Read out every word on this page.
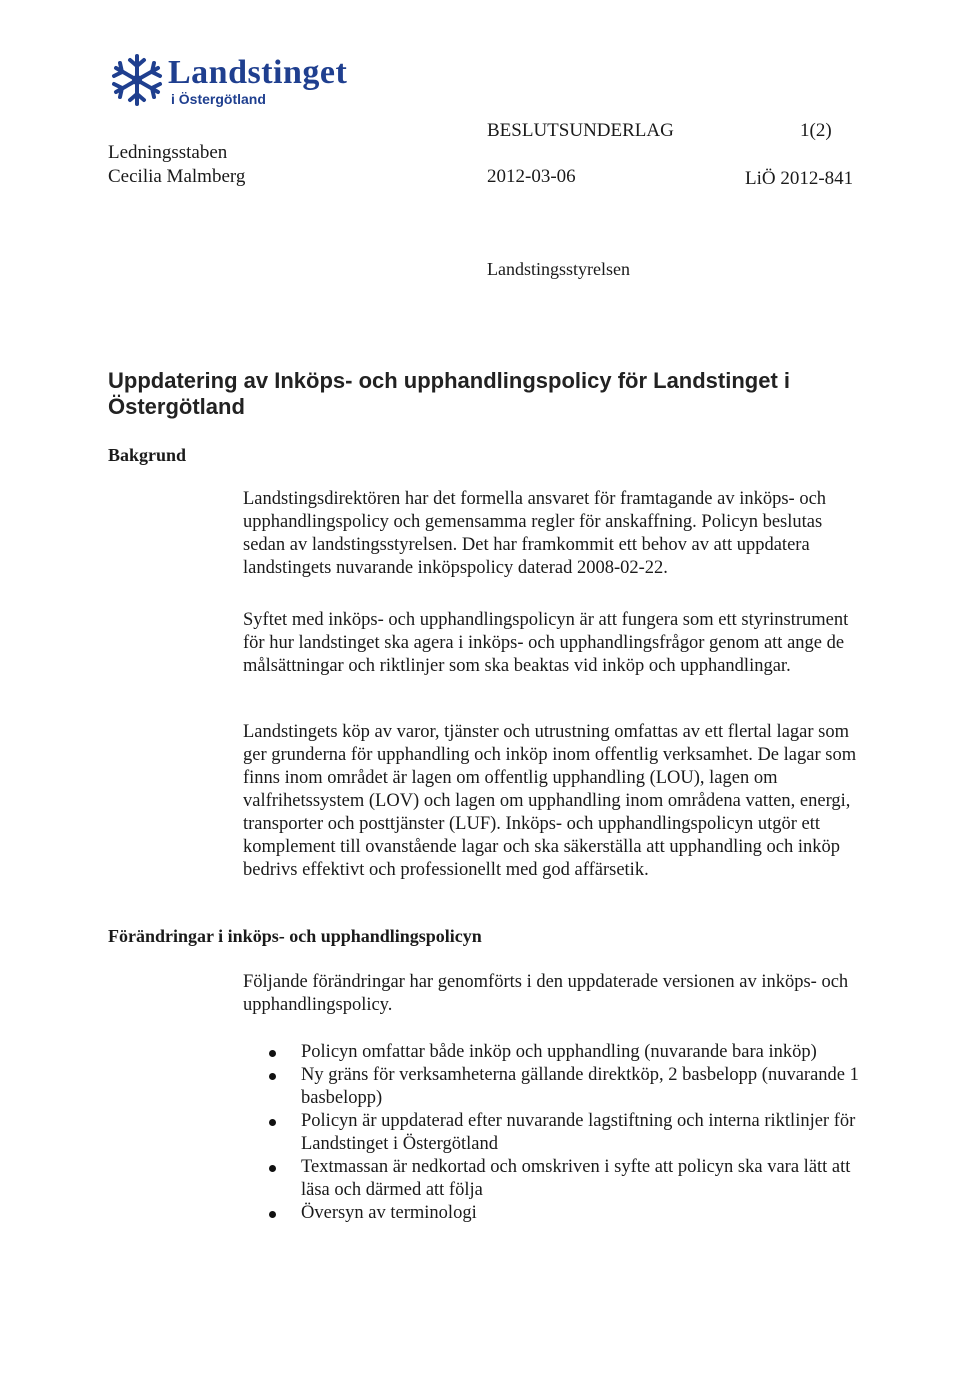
Landstinget
i Östergötland
Ledningsstaben
Cecilia Malmberg
BESLUTSUNDERLAG	1(2)
2012-03-06	LiÖ 2012-841
Landstingsstyrelsen
Uppdatering av Inköps- och upphandlingspolicy för Landstinget i Östergötland
Bakgrund

Landstingsdirektören har det formella ansvaret för framtagande av inköps- och upphandlingspolicy och gemensamma regler för anskaffning. Policyn beslutas sedan av landstingsstyrelsen. Det har framkommit ett behov av att uppdatera landstingets nuvarande inköpspolicy daterad 2008-02-22.

Syftet med inköps- och upphandlingspolicyn är att fungera som ett styrinstrument för hur landstinget ska agera i inköps- och upphandlingsfrågor genom att ange de målsättningar och riktlinjer som ska beaktas vid inköp och upphandlingar.

Landstingets köp av varor, tjänster och utrustning omfattas av ett flertal lagar som ger grunderna för upphandling och inköp inom offentlig verksamhet. De lagar som finns inom området är lagen om offentlig upphandling (LOU), lagen om valfrihetssystem (LOV) och lagen om upphandling inom områdena vatten, energi, transporter och posttjänster (LUF). Inköps- och upphandlingspolicyn utgör ett komplement till ovanstående lagar och ska säkerställa att upphandling och inköp bedrivs effektivt och professionellt med god affärsetik.

Förändringar i inköps- och upphandlingspolicyn

Följande förändringar har genomförts i den uppdaterade versionen av inköps- och upphandlingspolicy.

Policyn omfattar både inköp och upphandling (nuvarande bara inköp)
Ny gräns för verksamheterna gällande direktköp, 2 basbelopp (nuvarande 1 basbelopp)
Policyn är uppdaterad efter nuvarande lagstiftning och interna riktlinjer för Landstinget i Östergötland
Textmassan är nedkortad och omskriven i syfte att policyn ska vara lätt att läsa och därmed att följa
Översyn av terminologi
